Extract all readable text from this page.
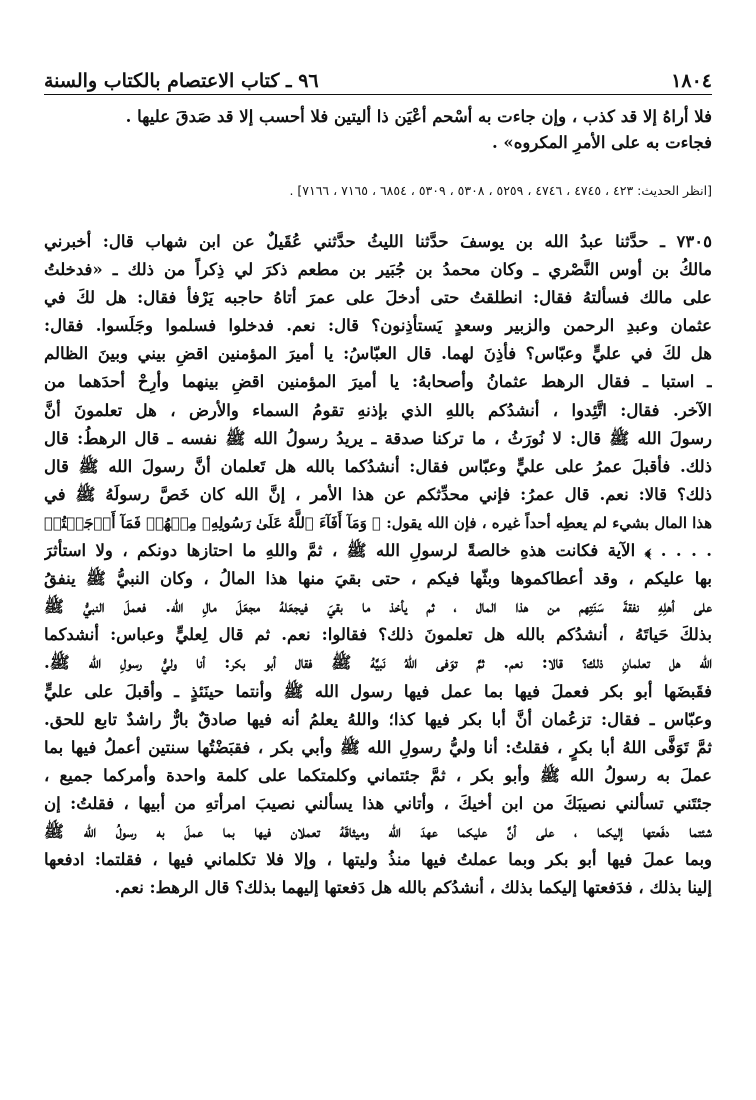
١٨٠٤
٩٦ ـ كتاب الاعتصام بالكتاب والسنة
فلا أراهُ إلا قد كذب ، وإن جاءت به أسْحم أعْيَن ذا أليتين فلا أحسب إلا قد صَدقَ عليها .
فجاءت به على الأمرِ المكروه» .
[انظر الحديث: ٤٢٣ ، ٤٧٤٥ ، ٤٧٤٦ ، ٥٢٥٩ ، ٥٣٠٨ ، ٥٣٠٩ ، ٦٨٥٤ ، ٧١٦٥ ، ٧١٦٦] .
٧٣٠٥ ـ حدَّثنا عبدُ الله بن يوسفَ حدَّثنا الليثُ حدَّثني عُقَيلٌ عن ابن شهاب قال: أخبرني
مالكُ بن أوس النَّصْري ـ وكان محمدُ بن جُبَير بن مطعم ذكرَ لي ذِكراً من ذلك ـ «فدخلتُ
على مالك فسألتهُ فقال: انطلقتُ حتى أدخلَ على عمرَ أتاهُ حاجبه يَرْفأ فقال: هل لكَ في
عثمان وعبدِ الرحمن والزبير وسعدٍ يَستأذِنون؟ قال: نعم. فدخلوا فسلموا وجَلَسوا. فقال:
هل لكَ في عليٍّ وعبّاس؟ فأذِنَ لهما. قال العبّاسُ: يا أميرَ المؤمنين اقضِ بيني وبينَ الظالم
ـ استبا ـ فقال الرهط عثمانُ وأصحابهُ: يا أميرَ المؤمنين اقضِ بينهما وأرِحْ أحدَهما من
الآخر. فقال: اتَّئِدوا ، أنشدُكم باللهِ الذي بإذنهِ تقومُ السماء والأرض ، هل تعلمونَ أنَّ
رسولَ الله ﷺ قال: لا نُورَثُ ، ما تركنا صدقة ـ يريدُ رسولُ الله ﷺ نفسه ـ قال الرهطُ: قال
ذلك. فأقبلَ عمرُ على عليٍّ وعبّاس فقال: أنشدُكما بالله هل تَعلمان أنَّ رسولَ الله ﷺ قال
ذلك؟ قالا: نعم. قال عمرُ: فإني محدِّثكم عن هذا الأمر ، إنَّ الله كان خَصَّ رسولَهُ ﷺ في
هذا المال بشيء لم يعطِه أحداً غيره ، فإن الله يقول: ﴿ وَمَآ أَفَآءَ ٱللَّهُ عَلَىٰ رَسُولِهِۦ مِنۡهُمۡ فَمَآ أَوۡجَفۡتُمۡ
. . . . ﴾ الآية فكانت هذهِ خالصةً لرسولِ الله ﷺ ، ثمَّ واللهِ ما احتازها دونكم ، ولا استأثرَ
بها عليكم ، وقد أعطاكموها وبثّها فيكم ، حتى بقيَ منها هذا المالُ ، وكان النبيُّ ﷺ ينفقُ
على أهلِهِ نفقةَ سَنَتِهم من هذا المال ، ثم يأخذ ما بقيَ فيجعَلهُ مجعَلَ مالِ الله. فعملَ النبيُّ ﷺ
بذلكَ حَياتَهُ ، أنشدُكم بالله هل تعلمونَ ذلك؟ فقالوا: نعم. ثم قال لِعليٍّ وعباس: أنشدكما
الله هل تعلمانِ ذلك؟ قالا: نعم. ثمَّ توَفى اللهُ نَبيَّهُ ﷺ فقال أبو بكر: أنا وليُّ رسولِ الله ﷺ.
فقَبضَها أبو بكر فعملَ فيها بما عمل فيها رسول الله ﷺ وأنتما حينَئذٍ ـ وأقبلَ على عليٍّ
وعبّاس ـ فقال: تزعُمان أنَّ أبا بكر فيها كذا؛ واللهُ يعلمُ أنه فيها صادقٌ بارٌّ راشدٌ تابع للحق.
ثمَّ تَوَفَّى اللهُ أبا بكرٍ ، فقلتُ: أنا وليُّ رسولِ الله ﷺ وأبي بكر ، فقبَضْتُها سنتين أعملُ فيها بما
عملَ به رسولُ الله ﷺ وأبو بكر ، ثمَّ جئتماني وكلمتكما على كلمة واحدة وأمركما جميع ،
جئتَني تسألني نصيبَكَ من ابن أخيكَ ، وأتاني هذا يسألني نصيبَ امرأتهِ من أبيها ، فقلتُ: إن
شئتما دفَعتها إليكما ، على أنَّ عليكما عهدَ الله وميثاقَهُ تعملان فيها بما عملَ به رسولُ الله ﷺ
وبما عملَ فيها أبو بكر وبما عملتُ فيها منذُ وليتها ، وإلا فلا تكلماني فيها ، فقلتما: ادفعها
إلينا بذلك ، فدَفعتها إليكما بذلك ، أنشدُكم بالله هل دَفعتها إليهما بذلك؟ قال الرهط: نعم.
